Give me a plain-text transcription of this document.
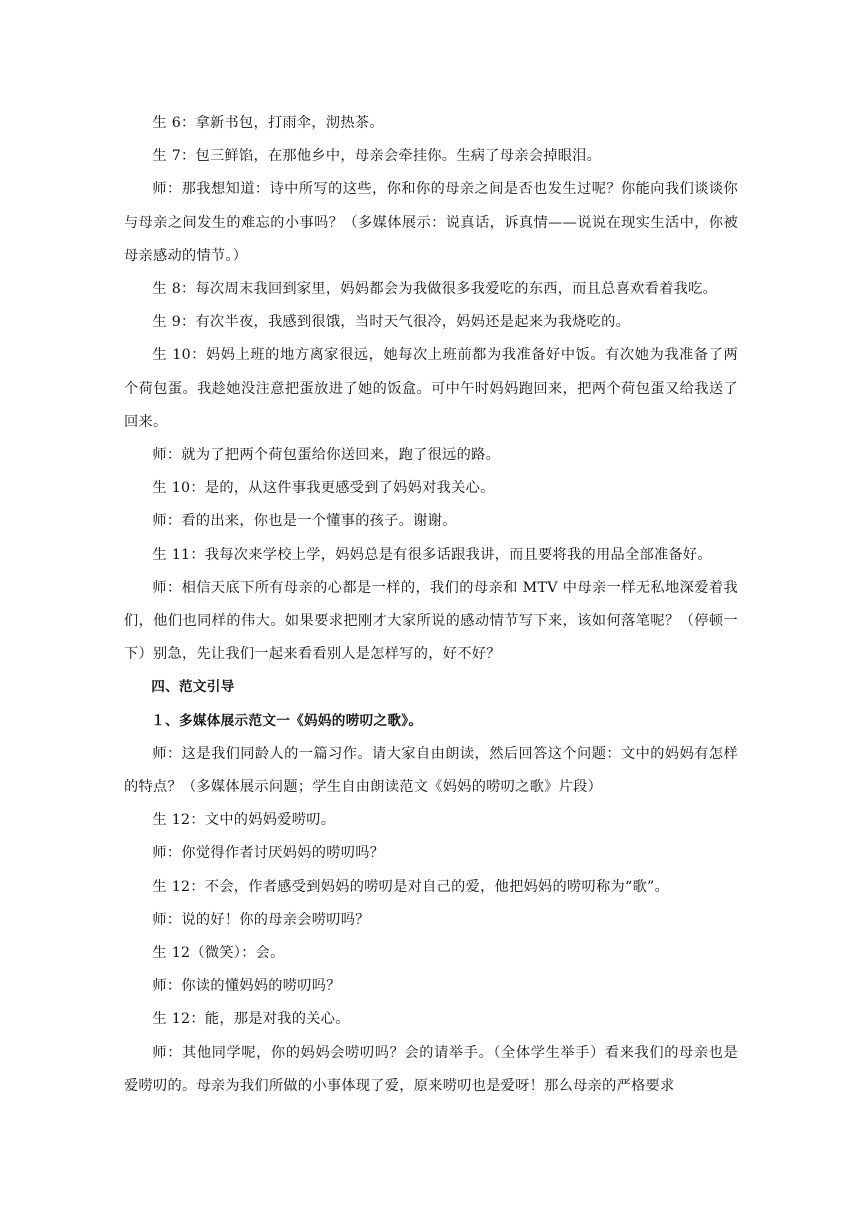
生 6：拿新书包，打雨伞，沏热茶。

生 7：包三鲜馅，在那他乡中，母亲会牵挂你。生病了母亲会掉眼泪。

师：那我想知道：诗中所写的这些，你和你的母亲之间是否也发生过呢？你能向我们谈谈你与母亲之间发生的难忘的小事吗？（多媒体展示：说真话，诉真情——说说在现实生活中，你被母亲感动的情节。）

生 8：每次周末我回到家里，妈妈都会为我做很多我爱吃的东西，而且总喜欢看着我吃。

生 9：有次半夜，我感到很饿，当时天气很冷，妈妈还是起来为我烧吃的。

生 10：妈妈上班的地方离家很远，她每次上班前都为我准备好中饭。有次她为我准备了两个荷包蛋。我趁她没注意把蛋放进了她的饭盒。可中午时妈妈跑回来，把两个荷包蛋又给我送了回来。

师：就为了把两个荷包蛋给你送回来，跑了很远的路。

生 10：是的，从这件事我更感受到了妈妈对我关心。

师：看的出来，你也是一个懂事的孩子。谢谢。

生 11：我每次来学校上学，妈妈总是有很多话跟我讲，而且要将我的用品全部准备好。

师：相信天底下所有母亲的心都是一样的，我们的母亲和 MTV 中母亲一样无私地深爱着我们，他们也同样的伟大。如果要求把刚才大家所说的感动情节写下来，该如何落笔呢？（停顿一下）别急，先让我们一起来看看别人是怎样写的，好不好？

四、范文引导

１、多媒体展示范文一《妈妈的唠叨之歌》。

师：这是我们同龄人的一篇习作。请大家自由朗读，然后回答这个问题：文中的妈妈有怎样的特点？（多媒体展示问题；学生自由朗读范文《妈妈的唠叨之歌》片段）

生 12：文中的妈妈爱唠叨。

师：你觉得作者讨厌妈妈的唠叨吗？

生 12：不会，作者感受到妈妈的唠叨是对自己的爱，他把妈妈的唠叨称为“歌”。

师：说的好！你的母亲会唠叨吗？

生 12（微笑）：会。

师：你读的懂妈妈的唠叨吗？

生 12：能，那是对我的关心。

师：其他同学呢，你的妈妈会唠叨吗？会的请举手。（全体学生举手）看来我们的母亲也是爱唠叨的。母亲为我们所做的小事体现了爱，原来唠叨也是爱呀！那么母亲的严格要求
